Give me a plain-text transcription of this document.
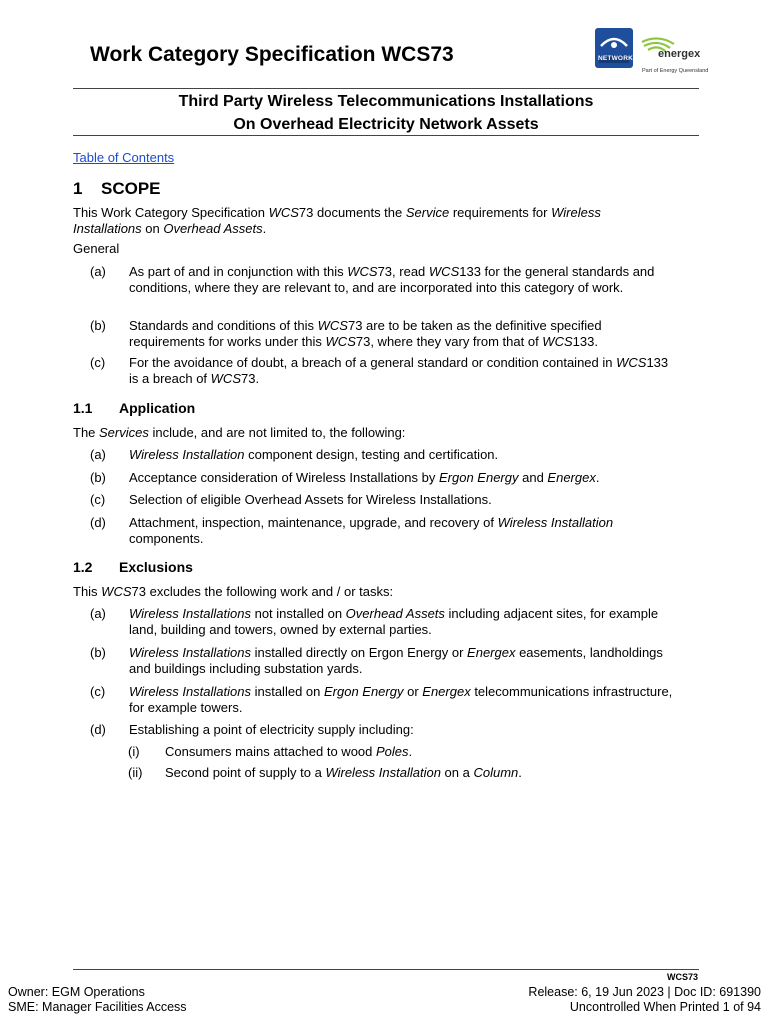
Work Category Specification WCS73	NETWORK energex
Part of Energy Queensland
Third Party Wireless Telecommunications Installations
On Overhead Electricity Network Assets
Table of Contents
1 SCOPE
This Work Category Specification WCS73 documents the Service requirements for Wireless Installations on Overhead Assets.
General
(a) As part of and in conjunction with this WCS73, read WCS133 for the general standards and conditions, where they are relevant to, and are incorporated into this category of work.
(b) Standards and conditions of this WCS73 are to be taken as the definitive specified requirements for works under this WCS73, where they vary from that of WCS133.
(c) For the avoidance of doubt, a breach of a general standard or condition contained in WCS133 is a breach of WCS73.
1.1 Application
The Services include, and are not limited to, the following:
(a) Wireless Installation component design, testing and certification.
(b) Acceptance consideration of Wireless Installations by Ergon Energy and Energex.
(c) Selection of eligible Overhead Assets for Wireless Installations.
(d) Attachment, inspection, maintenance, upgrade, and recovery of Wireless Installation components.
1.2 Exclusions
This WCS73 excludes the following work and / or tasks:
(a) Wireless Installations not installed on Overhead Assets including adjacent sites, for example land, building and towers, owned by external parties.
(b) Wireless Installations installed directly on Ergon Energy or Energex easements, landholdings and buildings including substation yards.
(c) Wireless Installations installed on Ergon Energy or Energex telecommunications infrastructure, for example towers.
(d) Establishing a point of electricity supply including:
(i) Consumers mains attached to wood Poles.
(ii) Second point of supply to a Wireless Installation on a Column.
WCS73
Owner: EGM Operations
SME: Manager Facilities Access
Release: 6, 19 Jun 2023 | Doc ID: 691390
Uncontrolled When Printed 1 of 94
